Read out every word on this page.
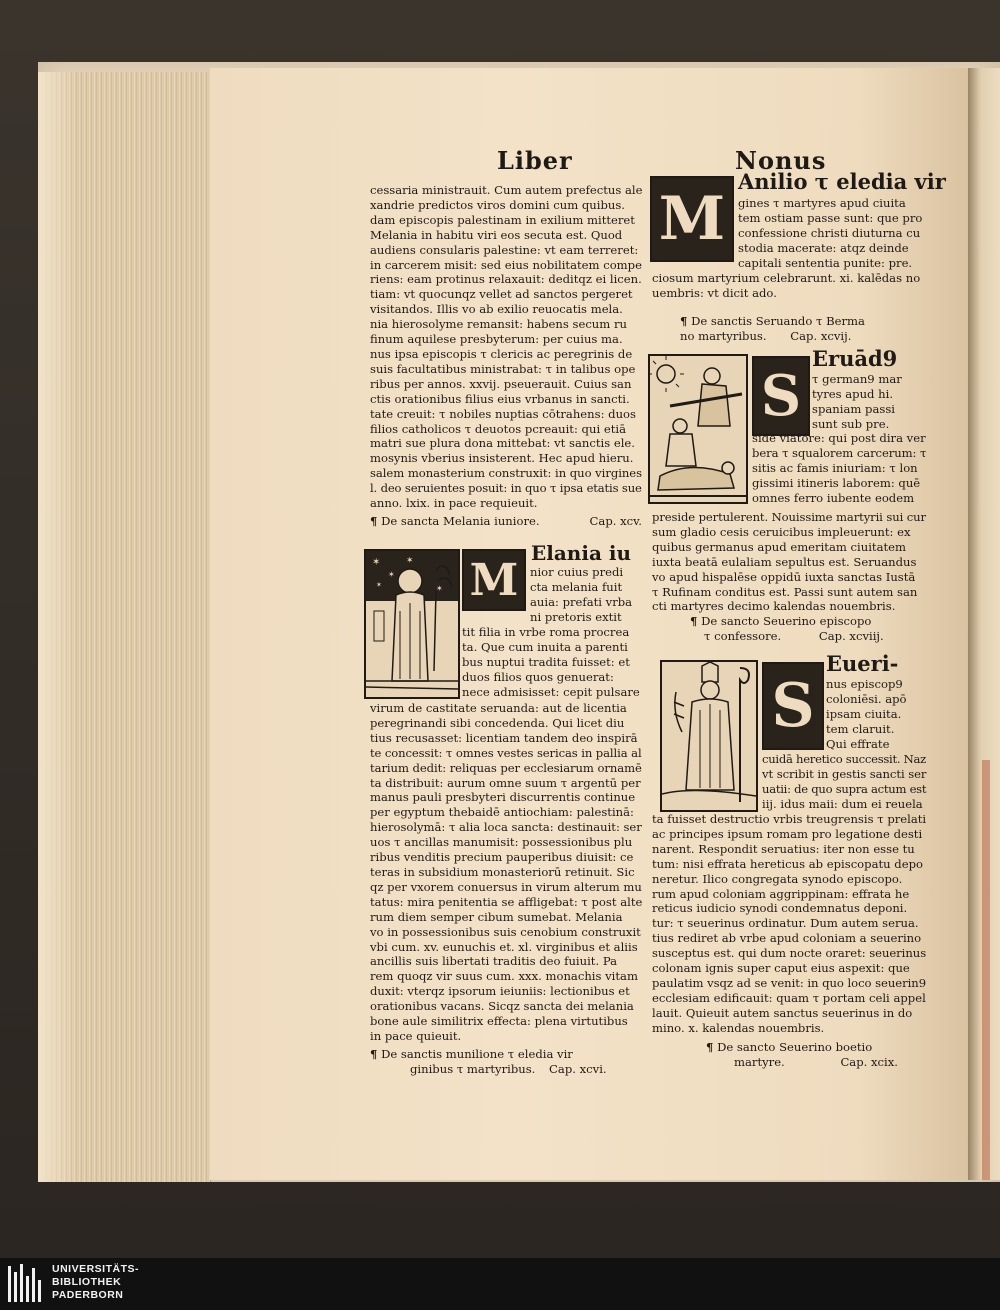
Liber	Nonus
cessaria ministrauit. Cum autem prefectus ale
xandrie predictos viros domini cum quibus.
dam episcopis palestinam in exilium mitteret
Melania in habitu viri eos secuta est. Quod
audiens consularis palestine: vt eam terreret:
in carcerem misit: sed eius nobilitatem compe
riens: eam protinus relaxauit: deditqz ei licen.
tiam: vt quocunqz vellet ad sanctos pergeret
visitandos. Illis vo ab exilio reuocatis mela.
nia hierosolyme remansit: habens secum ru
finum aquilese presbyterum: per cuius ma.
nus ipsa episcopis τ clericis ac peregrinis de
suis facultatibus ministrabat: τ in talibus ope
ribus per annos. xxvij. pseuerauit. Cuius san
ctis orationibus filius eius vrbanus in sancti.
tate creuit: τ nobiles nuptias cōtrahens: duos
filios catholicos τ deuotos pcreauit: qui etiā
matri sue plura dona mittebat: vt sanctis ele.
mosynis vberius insisterent. Hec apud hieru.
salem monasterium construxit: in quo virgines
l. deo seruientes posuit: in quo τ ipsa etatis sue
anno. lxix. in pace requieuit.
¶ De sancta Melania iuniore.	Cap. xcv.
✶
✶
✶
✶	✶ M
Elania iu
nior cuius predi
cta melania fuit
auia: prefati vrba
ni pretoris extit
tit filia in vrbe roma procrea
ta. Que cum inuita a parenti
bus nuptui tradita fuisset: et
duos filios quos genuerat:
nece admisisset: cepit pulsare
virum de castitate seruanda: aut de licentia
peregrinandi sibi concedenda. Qui licet diu
tius recusasset: licentiam tandem deo inspirā
te concessit: τ omnes vestes sericas in pallia al
tarium dedit: reliquas per ecclesiarum ornamē
ta distribuit: aurum omne suum τ argentū per
manus pauli presbyteri discurrentis continue
per egyptum thebaidē antiochiam: palestinā:
hierosolymā: τ alia loca sancta: destinauit: ser
uos τ ancillas manumisit: possessionibus plu
ribus venditis precium pauperibus diuisit: ce
teras in subsidium monasteriorū retinuit. Sic
qz per vxorem conuersus in virum alterum mu
tatus: mira penitentia se affligebat: τ post alte
rum diem semper cibum sumebat. Melania
vo in possessionibus suis cenobium construxit
vbi cum. xv. eunuchis et. xl. virginibus et aliis
ancillis suis libertati traditis deo fuiuit. Pa
rem quoqz vir suus cum. xxx. monachis vitam
duxit: vterqz ipsorum ieiuniis: lectionibus et
orationibus vacans. Sicqz sancta dei melania
bone aule similitrix effecta: plena virtutibus
in pace quieuit.
¶ De sanctis munilione τ eledia vir
ginibus τ martyribus. Cap. xcvi.
M
Anilio τ eledia vir
gines τ martyres apud ciuita
tem ostiam passe sunt: que pro
confessione christi diuturna cu
stodia macerate: atqz deinde
capitali sententia punite: pre.
ciosum martyrium celebrarunt. xi. kalēdas no
uembris: vt dicit ado.
¶ De sanctis Seruando τ Berma
no martyribus. Cap. xcvij.
S
Eruād9
τ german9 mar
tyres apud hi.
spaniam passi
sunt sub pre.
side viatore: qui post dira ver
bera τ squalorem carcerum: τ
sitis ac famis iniuriam: τ lon
gissimi itineris laborem: quē
omnes ferro iubente eodem
preside pertulerent. Nouissime martyrii sui cur
sum gladio cesis ceruicibus impleuerunt: ex
quibus germanus apud emeritam ciuitatem
iuxta beatā eulaliam sepultus est. Seruandus
vo apud hispalēse oppidū iuxta sanctas Iustā
τ Rufinam conditus est. Passi sunt autem san
cti martyres decimo kalendas nouembris.
¶ De sancto Seuerino episcopo
τ confessore.	Cap. xcviij.
S
Eueri-
nus episcop9
coloniēsi. apō
ipsam ciuita.
tem claruit.
Qui effrate
cuidā heretico successit. Naz
vt scribit in gestis sancti ser
uatii: de quo supra actum est
iij. idus maii: dum ei reuela
ta fuisset destructio vrbis treugrensis τ prelati
ac principes ipsum romam pro legatione desti
narent. Respondit seruatius: iter non esse tu
tum: nisi effrata hereticus ab episcopatu depo
neretur. Ilico congregata synodo episcopo.
rum apud coloniam aggrippinam: effrata he
reticus iudicio synodi condemnatus deponi.
tur: τ seuerinus ordinatur. Dum autem serua.
tius rediret ab vrbe apud coloniam a seuerino
susceptus est. qui dum nocte oraret: seuerinus
colonam ignis super caput eius aspexit: que
paulatim vsqz ad se venit: in quo loco seuerin9
ecclesiam edificauit: quam τ portam celi appel
lauit. Quieuit autem sanctus seuerinus in do
mino. x. kalendas nouembris.
¶ De sancto Seuerino boetio
martyre.	Cap. xcix.
UNIVERSITÄTS-
BIBLIOTHEK
PADERBORN
